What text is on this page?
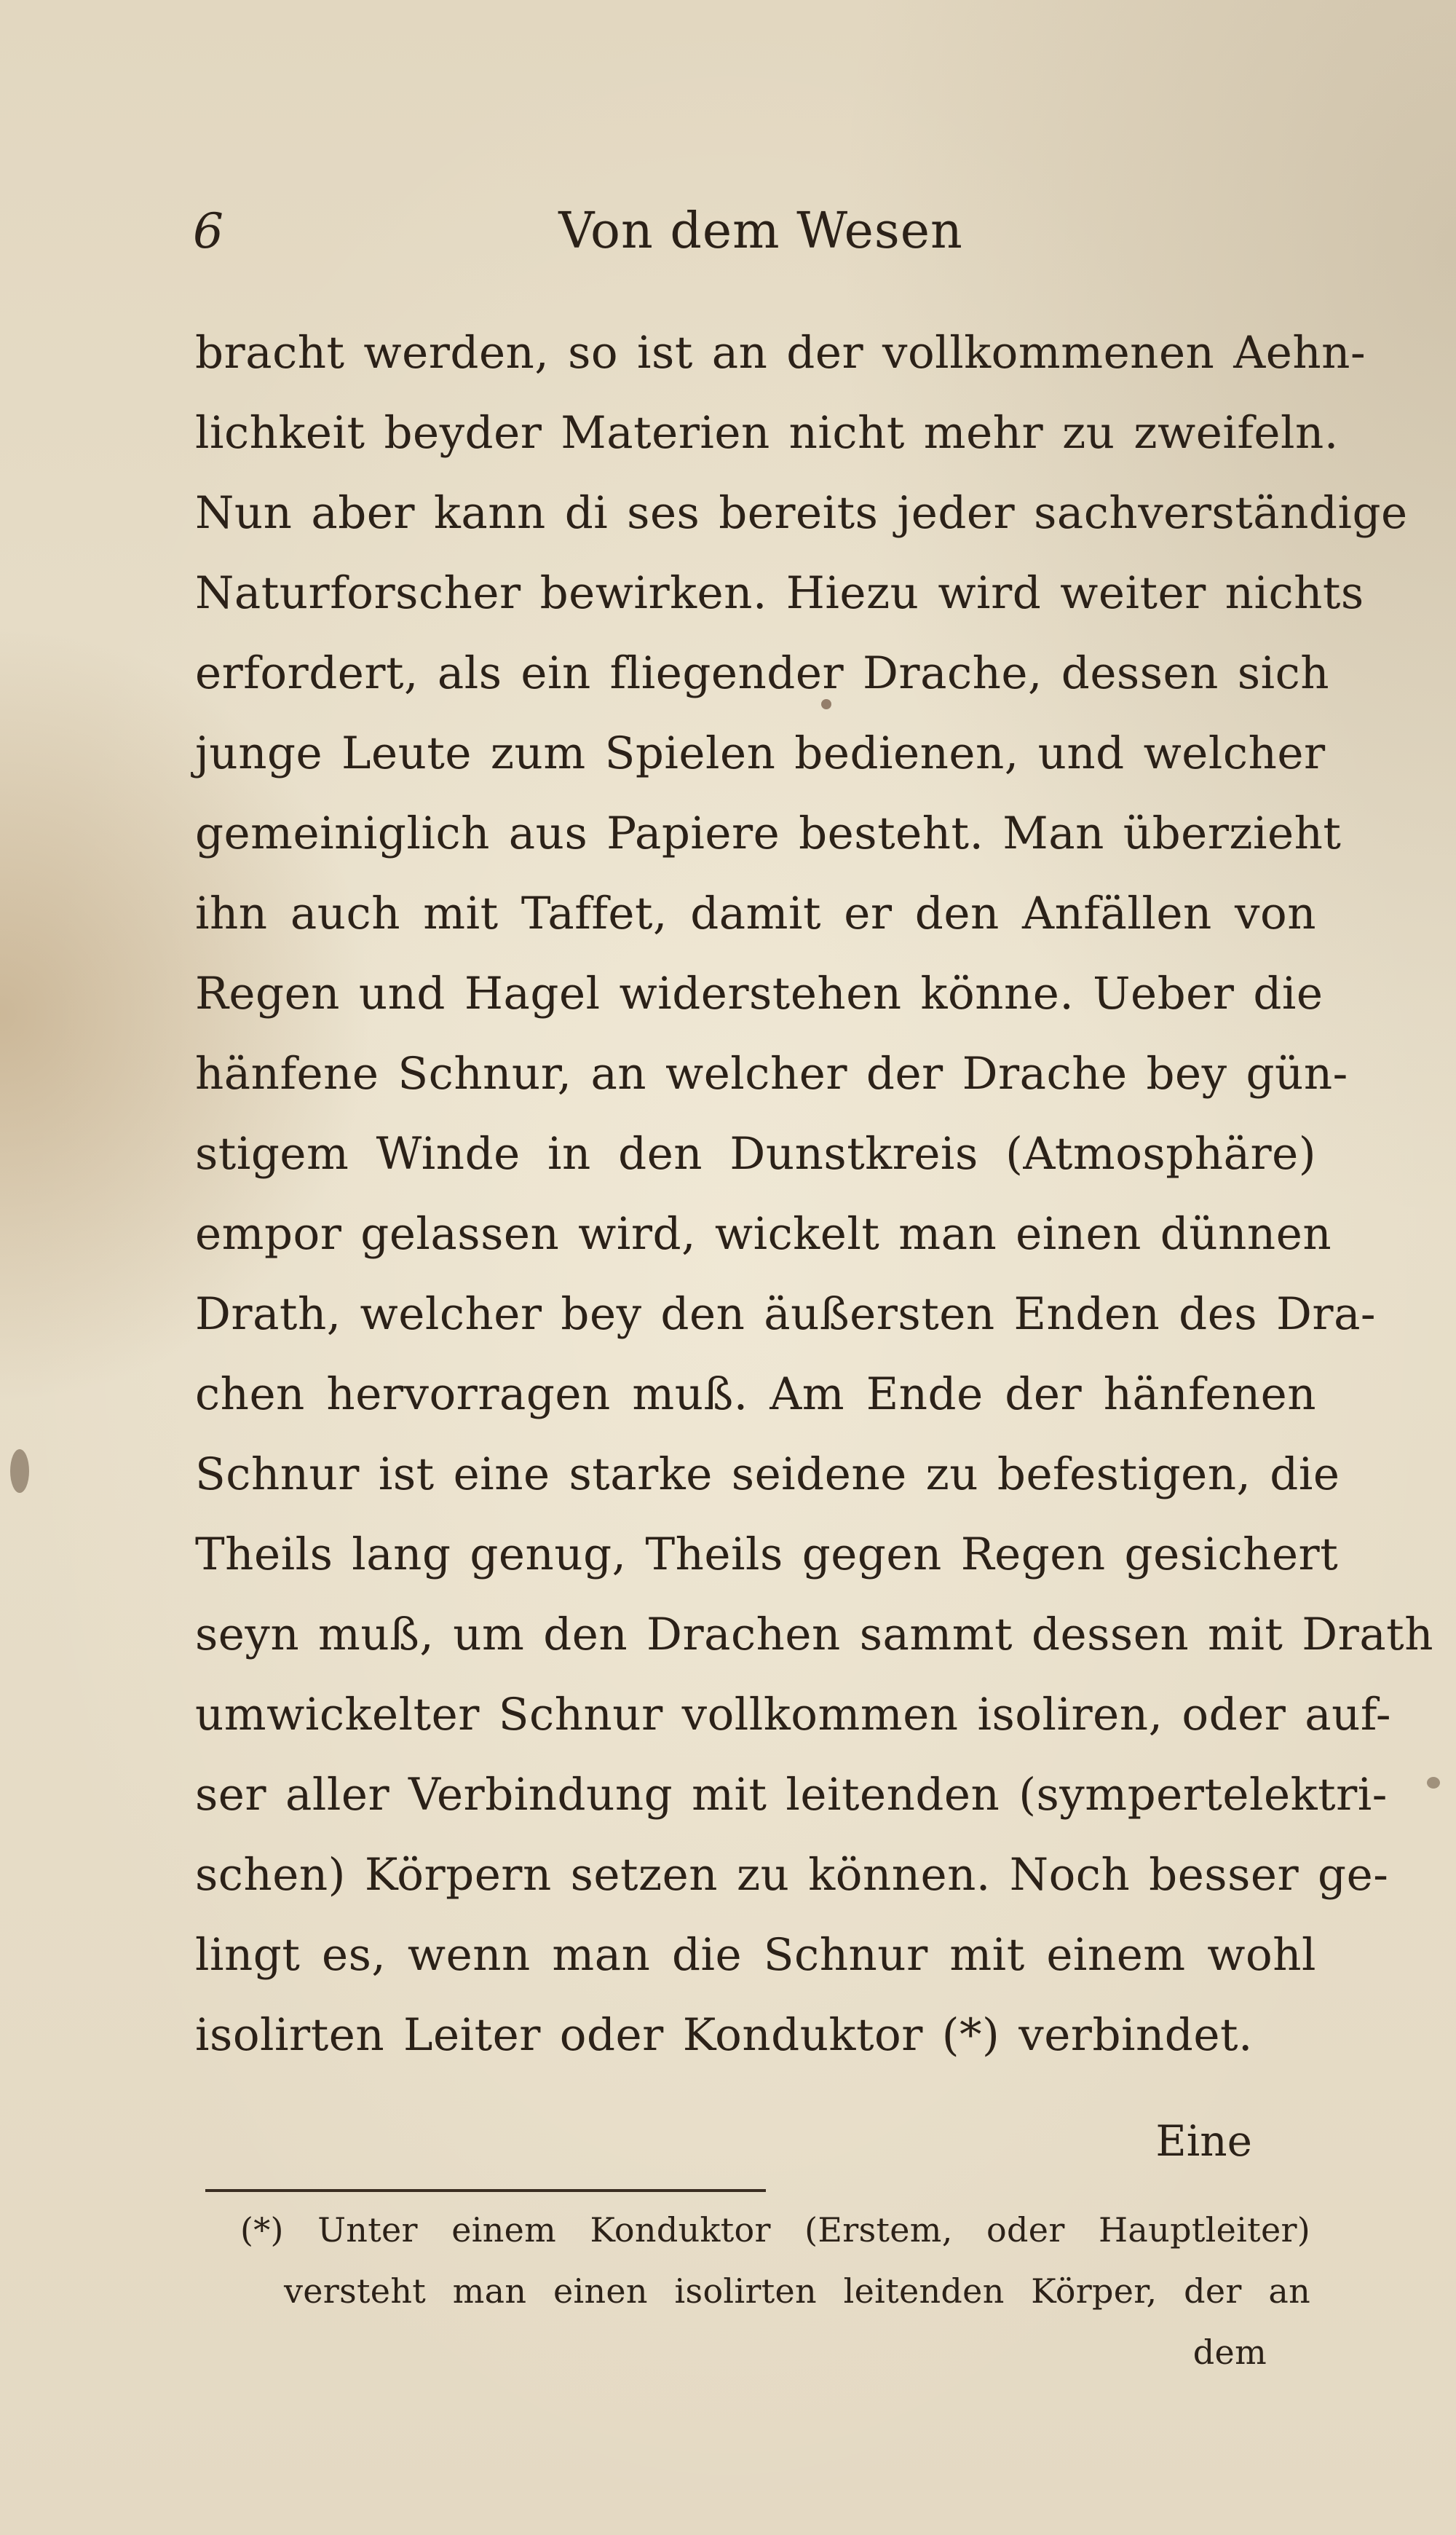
6	Von dem Wesen
bracht werden, so ist an der vollkommenen Aehn-
lichkeit beyder Materien nicht mehr zu zweifeln.
Nun aber kann di ses bereits jeder sachverständige
Naturforscher bewirken. Hiezu wird weiter nichts
erfordert, als ein fliegender Drache, dessen sich
junge Leute zum Spielen bedienen, und welcher
gemeiniglich aus Papiere besteht. Man überzieht
ihn auch mit Taffet, damit er den Anfällen von
Regen und Hagel widerstehen könne. Ueber die
hänfene Schnur, an welcher der Drache bey gün-
stigem Winde in den Dunstkreis (Atmosphäre)
empor gelassen wird, wickelt man einen dünnen
Drath, welcher bey den äußersten Enden des Dra-
chen hervorragen muß. Am Ende der hänfenen
Schnur ist eine starke seidene zu befestigen, die
Theils lang genug, Theils gegen Regen gesichert
seyn muß, um den Drachen sammt dessen mit Drath
umwickelter Schnur vollkommen isoliren, oder auf-
ser aller Verbindung mit leitenden (sympertelektri-
schen) Körpern setzen zu können. Noch besser ge-
lingt es, wenn man die Schnur mit einem wohl
isolirten Leiter oder Konduktor (*) verbindet.
Eine
(*) Unter einem Konduktor (Erstem, oder Hauptleiter)
versteht man einen isolirten leitenden Körper, der an
dem
